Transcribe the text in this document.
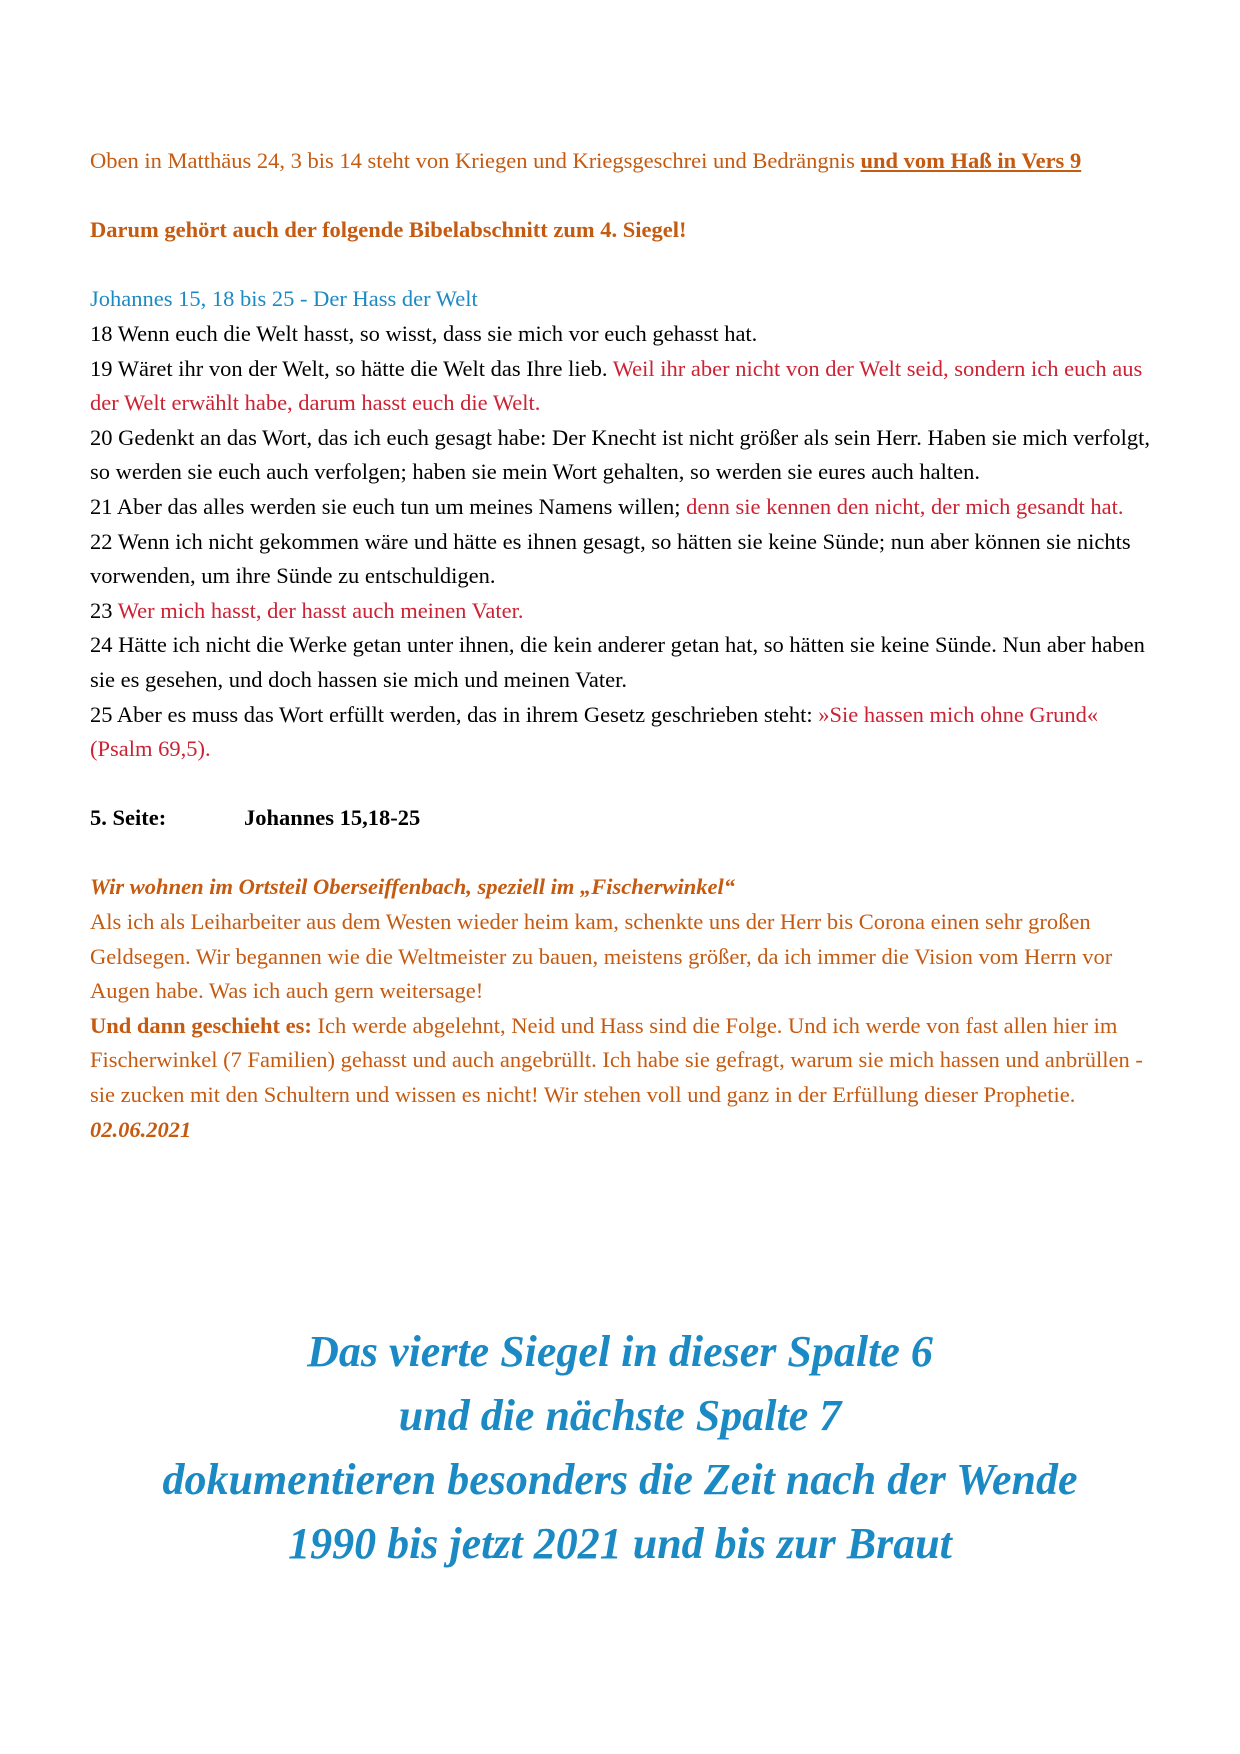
Oben in Matthäus 24, 3 bis 14 steht von Kriegen und Kriegsgeschrei und Bedrängnis und vom Haß in Vers 9

Darum gehört auch der folgende Bibelabschnitt zum 4. Siegel!

Johannes 15, 18 bis 25 - Der Hass der Welt

18 Wenn euch die Welt hasst, so wisst, dass sie mich vor euch gehasst hat.

19 Wäret ihr von der Welt, so hätte die Welt das Ihre lieb. Weil ihr aber nicht von der Welt seid, sondern ich euch aus der Welt erwählt habe, darum hasst euch die Welt.

20 Gedenkt an das Wort, das ich euch gesagt habe: Der Knecht ist nicht größer als sein Herr. Haben sie mich verfolgt, so werden sie euch auch verfolgen; haben sie mein Wort gehalten, so werden sie eures auch halten.

21 Aber das alles werden sie euch tun um meines Namens willen; denn sie kennen den nicht, der mich gesandt hat.

22 Wenn ich nicht gekommen wäre und hätte es ihnen gesagt, so hätten sie keine Sünde; nun aber können sie nichts vorwenden, um ihre Sünde zu entschuldigen.

23 Wer mich hasst, der hasst auch meinen Vater.

24 Hätte ich nicht die Werke getan unter ihnen, die kein anderer getan hat, so hätten sie keine Sünde. Nun aber haben sie es gesehen, und doch hassen sie mich und meinen Vater.

25 Aber es muss das Wort erfüllt werden, das in ihrem Gesetz geschrieben steht: »Sie hassen mich ohne Grund« (Psalm 69,5).

5. Seite:	Johannes 15,18-25

Wir wohnen im Ortsteil Oberseiffenbach, speziell im „Fischerwinkel“

Als ich als Leiharbeiter aus dem Westen wieder heim kam, schenkte uns der Herr bis Corona einen sehr großen Geldsegen. Wir begannen wie die Weltmeister zu bauen, meistens größer, da ich immer die Vision vom Herrn vor Augen habe. Was ich auch gern weitersage!

Und dann geschieht es: Ich werde abgelehnt, Neid und Hass sind die Folge. Und ich werde von fast allen hier im Fischerwinkel (7 Familien) gehasst und auch angebrüllt. Ich habe sie gefragt, warum sie mich hassen und anbrüllen - sie zucken mit den Schultern und wissen es nicht! Wir stehen voll und ganz in der Erfüllung dieser Prophetie. 02.06.2021

Das vierte Siegel in dieser Spalte 6
und die nächste Spalte 7
dokumentieren besonders die Zeit nach der Wende
1990 bis jetzt 2021 und bis zur Braut
